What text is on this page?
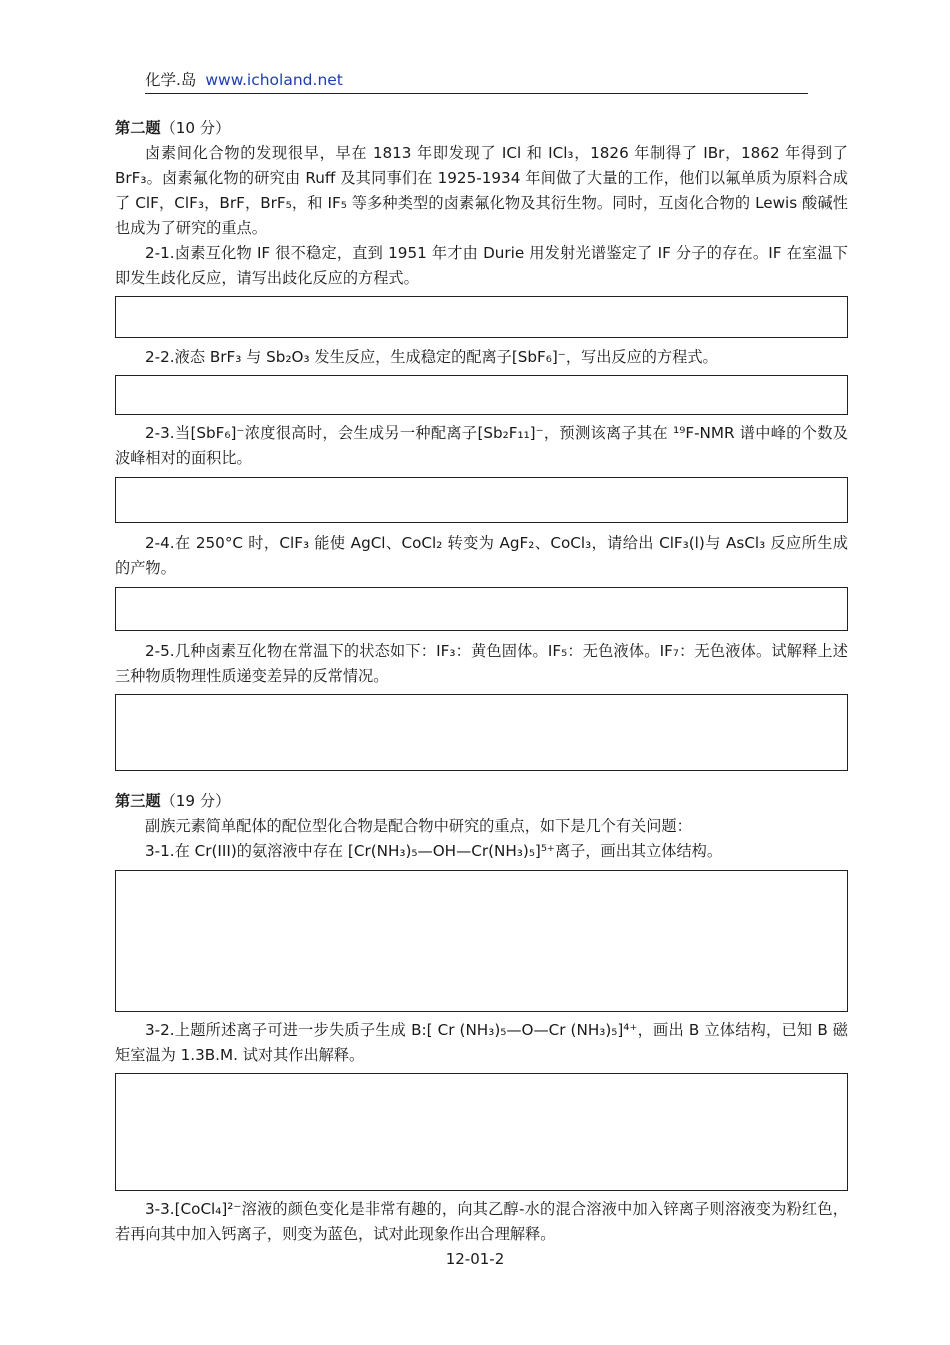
化学.岛 www.icholand.net
第二题（10 分）

卤素间化合物的发现很早，早在 1813 年即发现了 ICl 和 ICl₃，1826 年制得了 IBr，1862 年得到了 BrF₃。卤素氟化物的研究由 Ruff 及其同事们在 1925-1934 年间做了大量的工作，他们以氟单质为原料合成了 ClF，ClF₃，BrF，BrF₅，和 IF₅ 等多种类型的卤素氟化物及其衍生物。同时，互卤化合物的 Lewis 酸碱性也成为了研究的重点。

2-1.卤素互化物 IF 很不稳定，直到 1951 年才由 Durie 用发射光谱鉴定了 IF 分子的存在。IF 在室温下即发生歧化反应，请写出歧化反应的方程式。

2-2.液态 BrF₃ 与 Sb₂O₃ 发生反应，生成稳定的配离子[SbF₆]⁻，写出反应的方程式。

2-3.当[SbF₆]⁻浓度很高时，会生成另一种配离子[Sb₂F₁₁]⁻，预测该离子其在 ¹⁹F-NMR 谱中峰的个数及波峰相对的面积比。

2-4.在 250°C 时，ClF₃ 能使 AgCl、CoCl₂ 转变为 AgF₂、CoCl₃，请给出 ClF₃(l)与 AsCl₃ 反应所生成的产物。

2-5.几种卤素互化物在常温下的状态如下：IF₃：黄色固体。IF₅：无色液体。IF₇：无色液体。试解释上述三种物质物理性质递变差异的反常情况。

第三题（19 分）

副族元素简单配体的配位型化合物是配合物中研究的重点，如下是几个有关问题：

3-1.在 Cr(III)的氨溶液中存在 [Cr(NH₃)₅—OH—Cr(NH₃)₅]⁵⁺离子，画出其立体结构。

3-2.上题所述离子可进一步失质子生成 B:[ Cr (NH₃)₅—O—Cr (NH₃)₅]⁴⁺，画出 B 立体结构，已知 B 磁矩室温为 1.3B.M. 试对其作出解释。

3-3.[CoCl₄]²⁻溶液的颜色变化是非常有趣的，向其乙醇-水的混合溶液中加入锌离子则溶液变为粉红色，若再向其中加入钙离子，则变为蓝色，试对此现象作出合理解释。

12-01-2
